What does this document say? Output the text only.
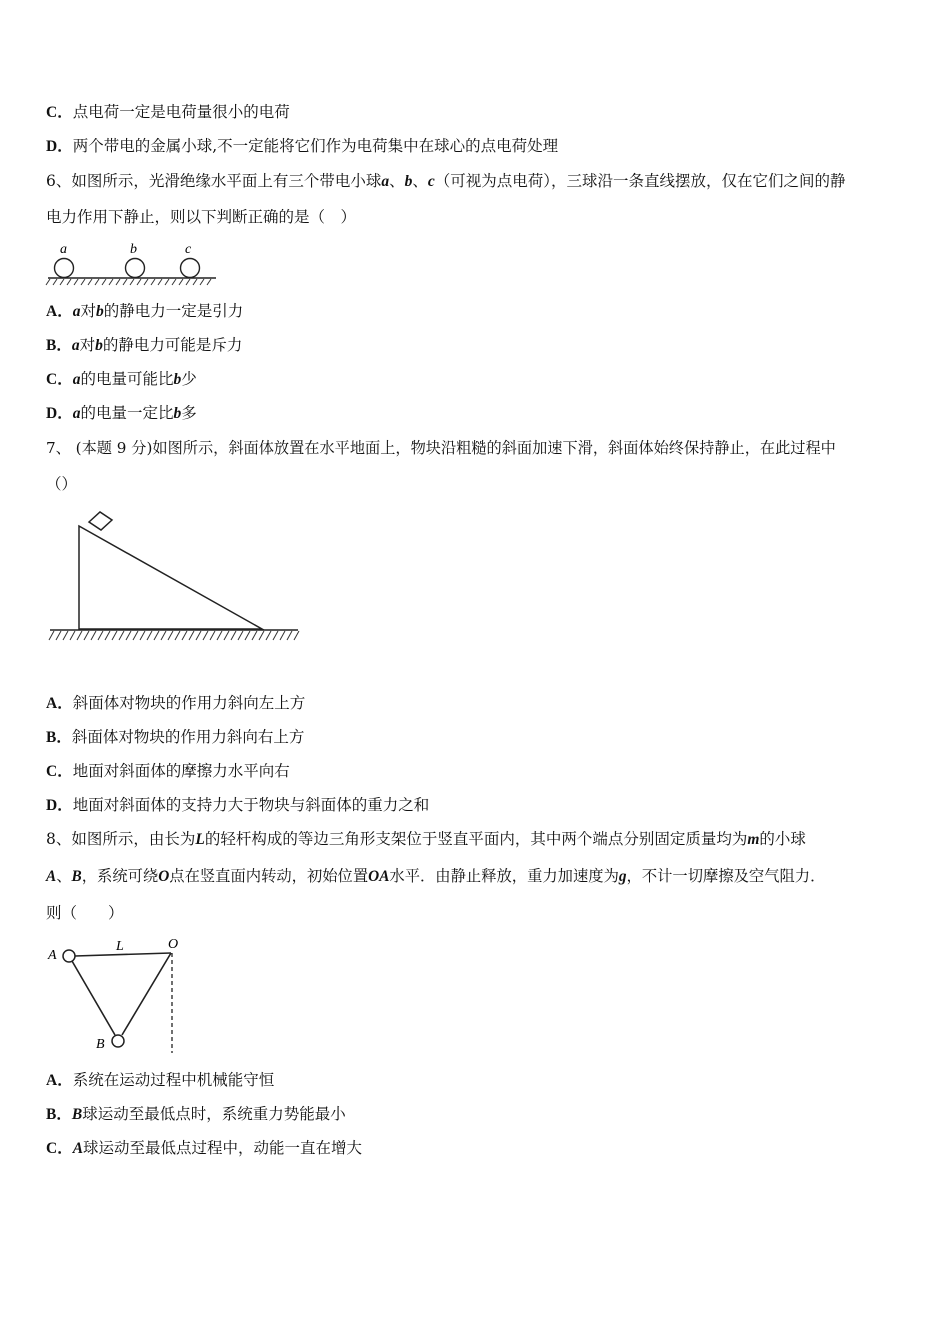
C．点电荷一定是电荷量很小的电荷
D．两个带电的金属小球,不一定能将它们作为电荷集中在球心的点电荷处理
6、如图所示，光滑绝缘水平面上有三个带电小球a、b、c（可视为点电荷），三球沿一条直线摆放，仅在它们之间的静
电力作用下静止，则以下判断正确的是（　）
a	b	c
A．a对b的静电力一定是引力
B．a对b的静电力可能是斥力
C．a的电量可能比b少
D．a的电量一定比b多
7、 (本题 9 分)如图所示，斜面体放置在水平地面上，物块沿粗糙的斜面加速下滑，斜面体始终保持静止，在此过程中
（）
A．斜面体对物块的作用力斜向左上方
B．斜面体对物块的作用力斜向右上方
C．地面对斜面体的摩擦力水平向右
D．地面对斜面体的支持力大于物块与斜面体的重力之和
8、如图所示，由长为L的轻杆构成的等边三角形支架位于竖直平面内，其中两个端点分别固定质量均为m的小球
A、B，系统可绕O点在竖直面内转动，初始位置OA水平．由静止释放，重力加速度为g，不计一切摩擦及空气阻力．
则（　　）
A
L	O
B
A．系统在运动过程中机械能守恒
B．B球运动至最低点时，系统重力势能最小
C．A球运动至最低点过程中，动能一直在增大
